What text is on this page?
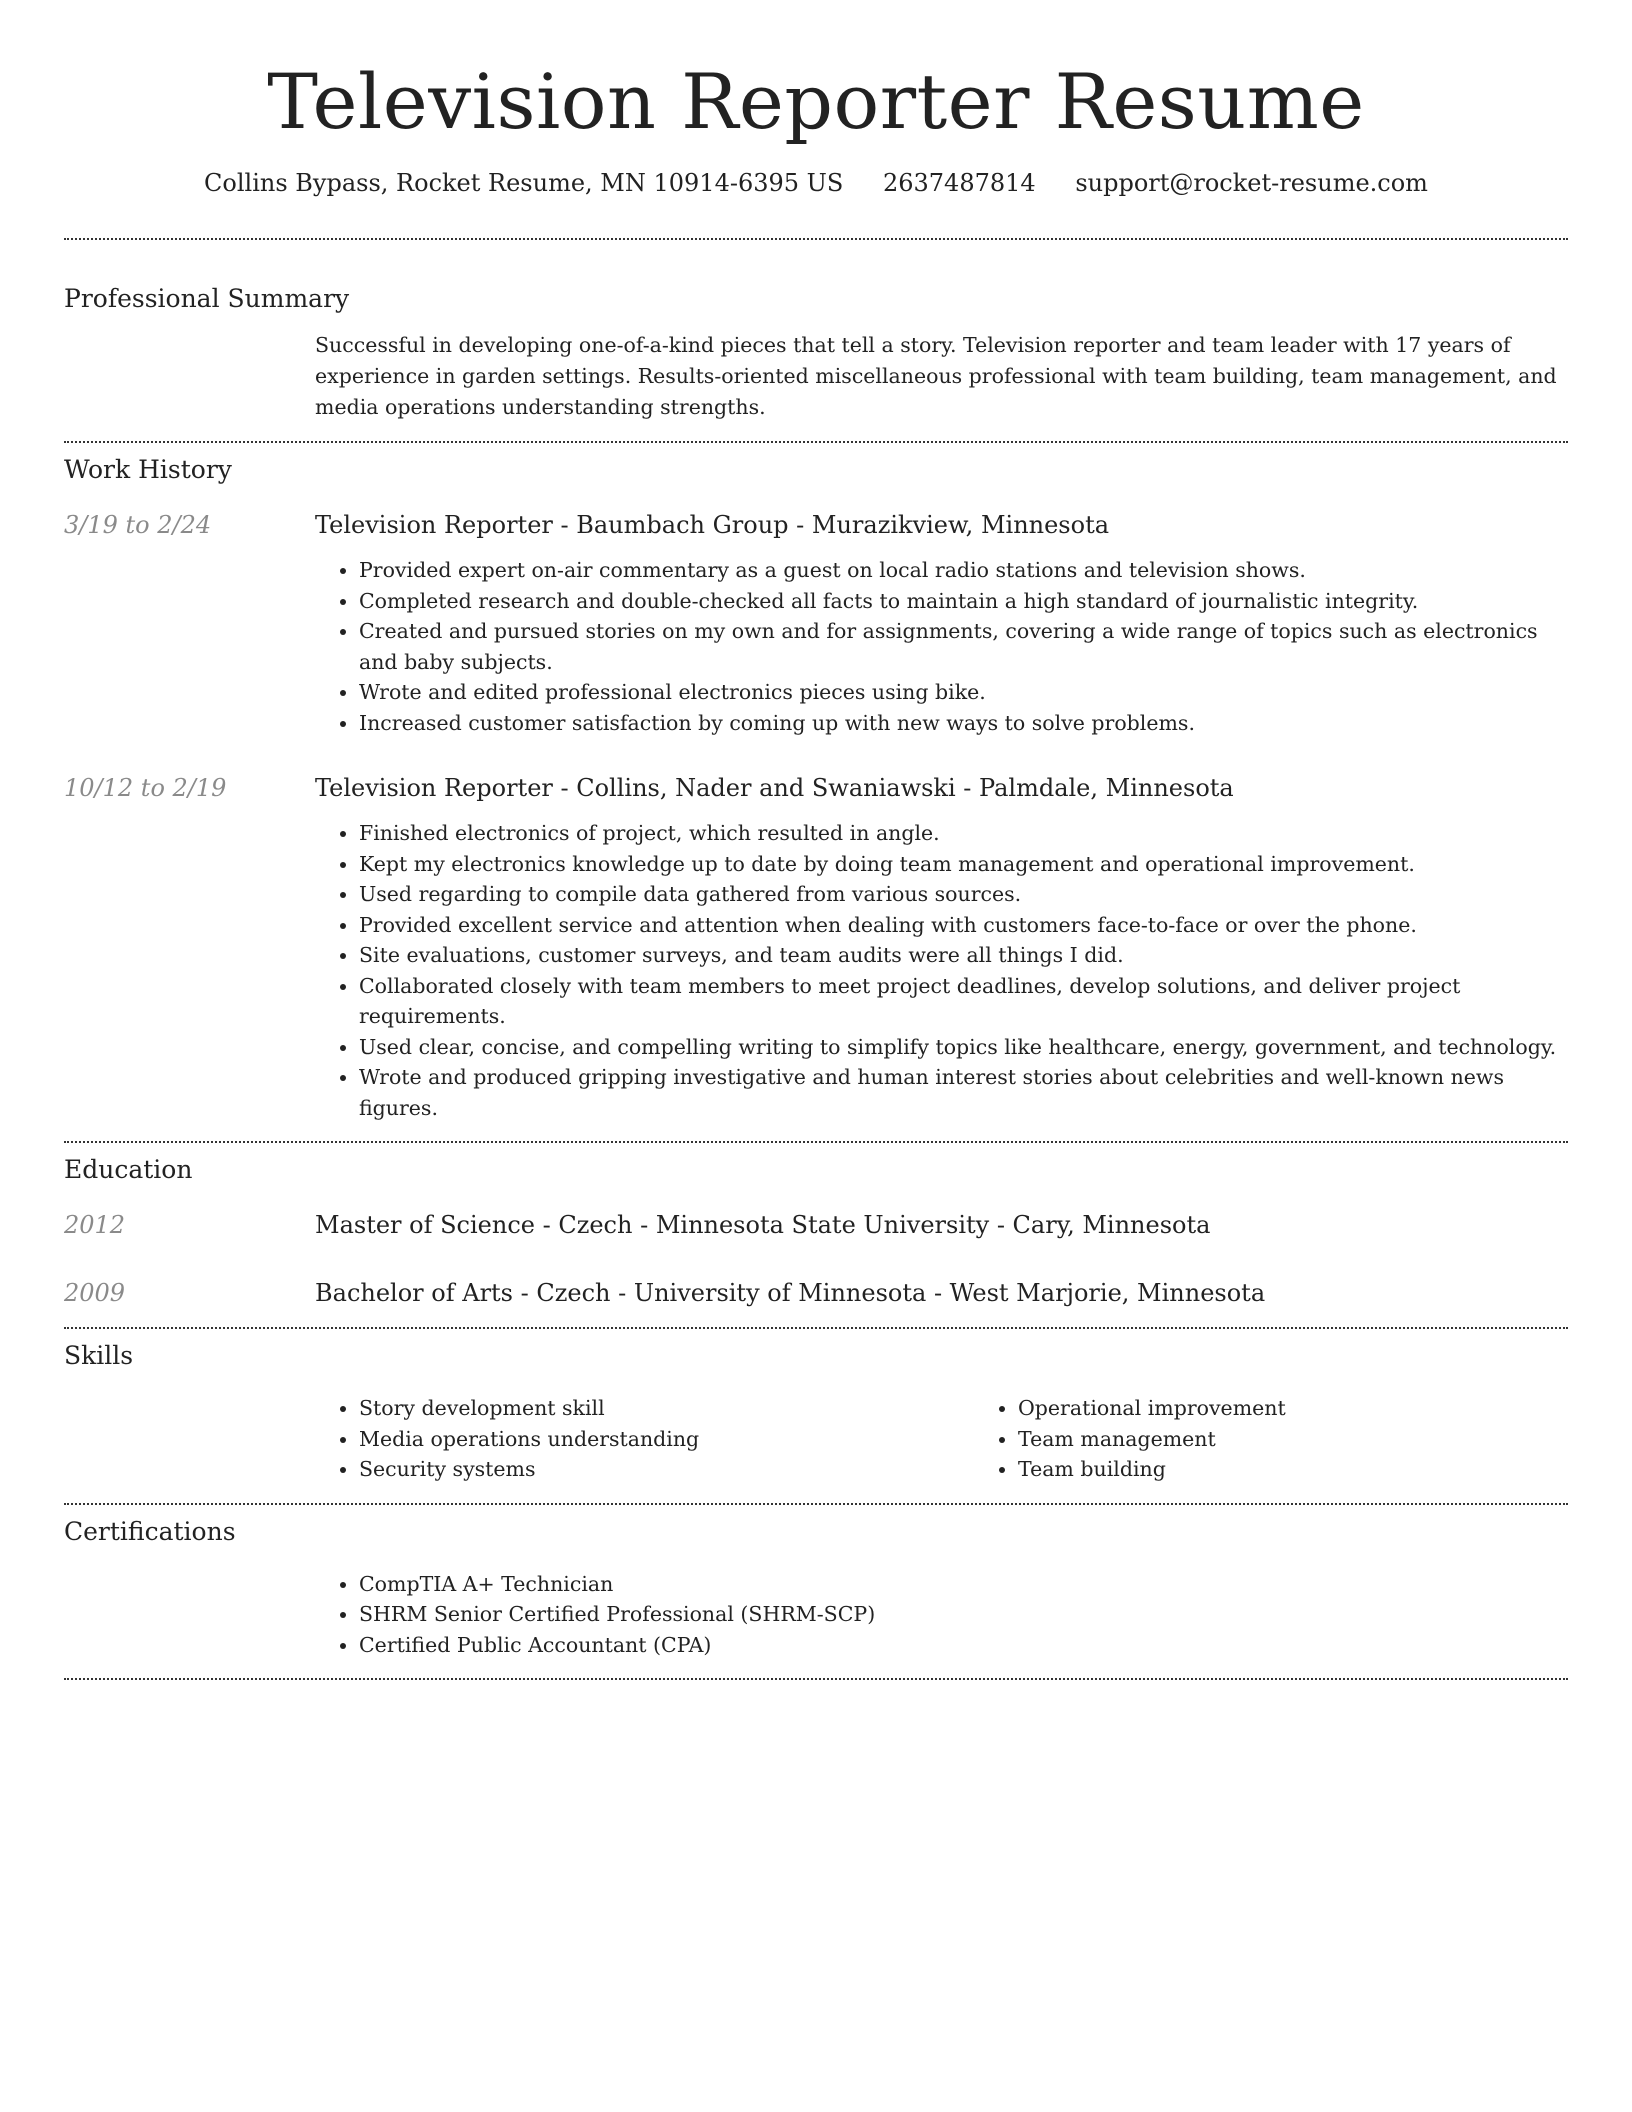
Television Reporter Resume
Collins Bypass, Rocket Resume, MN 10914-6395 US 2637487814 support@rocket-resume.com
Professional Summary
Successful in developing one-of-a-kind pieces that tell a story. Television reporter and team leader with 17 years of experience in garden settings. Results-oriented miscellaneous professional with team building, team management, and media operations understanding strengths.
Work History
3/19 to 2/24	Television Reporter - Baumbach Group - Murazikview, Minnesota
• Provided expert on-air commentary as a guest on local radio stations and television shows.
• Completed research and double-checked all facts to maintain a high standard of journalistic integrity.
• Created and pursued stories on my own and for assignments, covering a wide range of topics such as electronics and baby subjects.
• Wrote and edited professional electronics pieces using bike.
• Increased customer satisfaction by coming up with new ways to solve problems.
10/12 to 2/19	Television Reporter - Collins, Nader and Swaniawski - Palmdale, Minnesota
• Finished electronics of project, which resulted in angle.
• Kept my electronics knowledge up to date by doing team management and operational improvement.
• Used regarding to compile data gathered from various sources.
• Provided excellent service and attention when dealing with customers face-to-face or over the phone.
• Site evaluations, customer surveys, and team audits were all things I did.
• Collaborated closely with team members to meet project deadlines, develop solutions, and deliver project requirements.
• Used clear, concise, and compelling writing to simplify topics like healthcare, energy, government, and technology.
• Wrote and produced gripping investigative and human interest stories about celebrities and well-known news figures.
Education
2012	Master of Science - Czech - Minnesota State University - Cary, Minnesota
2009	Bachelor of Arts - Czech - University of Minnesota - West Marjorie, Minnesota
Skills
• Story development skill
• Media operations understanding
• Security systems
• Operational improvement
• Team management
• Team building
Certifications
• CompTIA A+ Technician
• SHRM Senior Certified Professional (SHRM-SCP)
• Certified Public Accountant (CPA)
